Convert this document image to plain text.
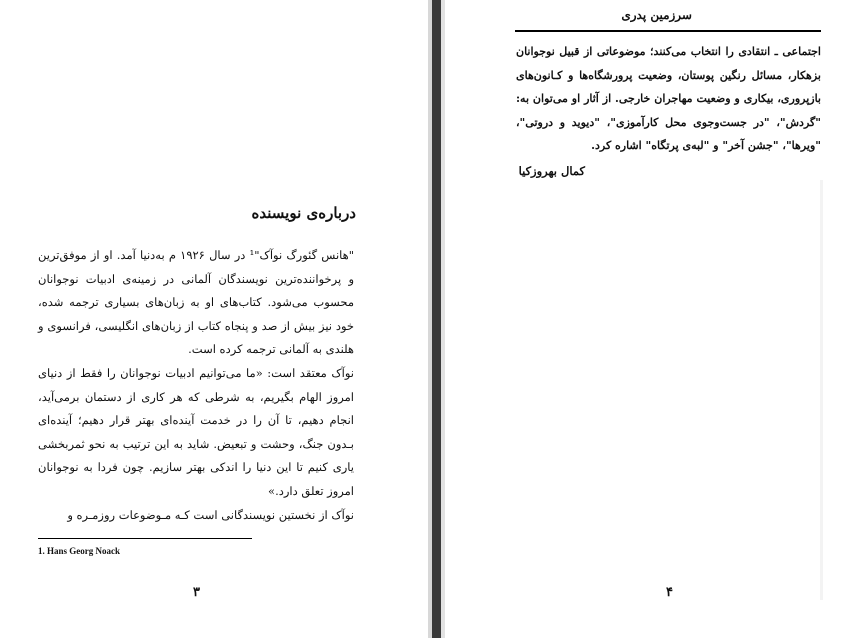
درباره‌ی نویسنده

"هانس گئورگ نوآک"¹ در سال ۱۹۲۶ م به‌دنیا آمد. او از موفق‌ترین و پرخواننده‌ترین نویسندگان آلمانی در زمینه‌ی ادبیات نوجوانان محسوب می‌شود. کتاب‌های او به زبان‌های بسیاری ترجمه شده، خود نیز بیش از صد و پنجاه کتاب از زبان‌های انگلیسی، فرانسوی و هلندی به آلمانی ترجمه کرده است.

نوآک معتقد است: «ما می‌توانیم ادبیات نوجوانان را فقط از دنیای امروز الهام بگیریم، به شرطی که هر کاری از دستمان برمی‌آید، انجام دهیم، تا آن را در خدمت آینده‌ای بهتر قرار دهیم؛ آینده‌ای بـدون جنگ، وحشت و تبعیض. شاید به این ترتیب به نحو ثمربخشی یاری کنیم تا این دنیا را اندکی بهتر سازیم. چون فردا به نوجوانان امروز تعلق دارد.»

نوآک از نخستین نویسندگانی است کـه مـوضوعات روزمـره و

1. Hans Georg Noack
۳
سرزمین پدری

اجتماعی ـ انتقادی را انتخاب می‌کنند؛ موضوعاتی از قبیل نوجوانان بزهکار، مسائل رنگین پوستان، وضعیت پرورشگاه‌ها و کـانون‌های بازپروری، بیکاری و وضعیت مهاجران خارجی. از آثار او می‌توان به: "گردش"، "در جست‌وجوی محل کارآموزی"، "دیوید و دروتی"، "ویرها"، "جشن آخر" و "لبه‌ی پرتگاه" اشاره کرد.

کمال بهروزکیا
۴
